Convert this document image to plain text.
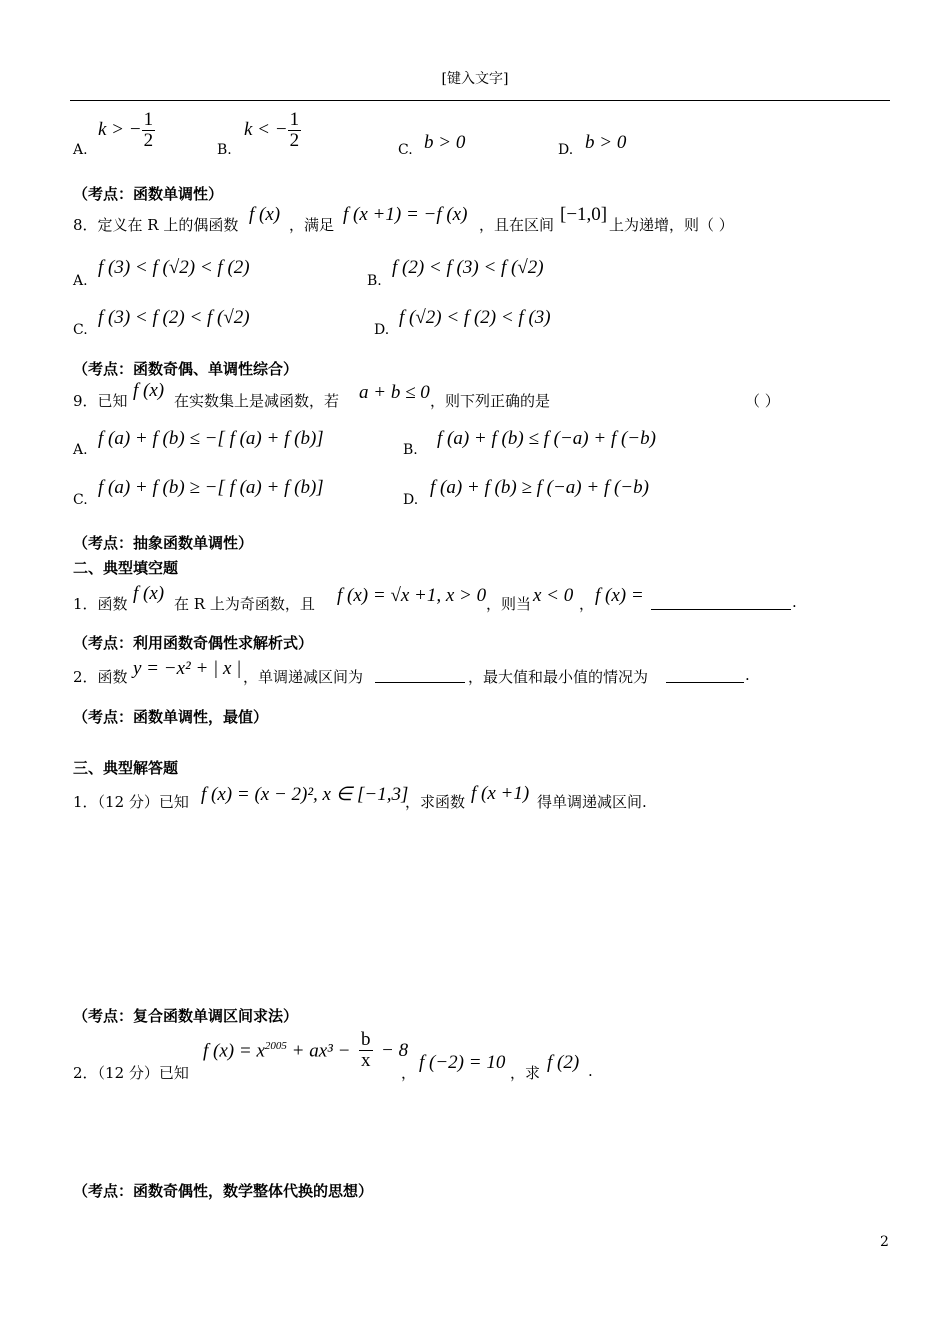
[键入文字]
A.
k > − $\frac{1}{2}$	B.
k < − $\frac{1}{2}$	C. b > 0	D. b > 0
（考点：函数单调性）
8．定义在 R 上的偶函数 f (x) ，满足 f (x +1) = −f (x) ，且在区间 [−1,0] 上为递增，则（ ）
A.
f (3) < f (√2) < f (2)
B.
f (2) < f (3) < f (√2)
C.
f (3) < f (2) < f (√2)
D.
f (√2) < f (2) < f (3)
（考点：函数奇偶、单调性综合）
9．已知 f (x) 在实数集上是减函数，若 a + b ≤ 0 ，则下列正确的是	（ ）
A.
f (a) + f (b) ≤ −[ f (a) + f (b)]
B.
f (a) + f (b) ≤ f (−a) + f (−b)
C.
f (a) + f (b) ≥ −[ f (a) + f (b)]
D.
f (a) + f (b) ≥ f (−a) + f (−b)
（考点：抽象函数单调性）
二、典型填空题
1．函数 f (x) 在 R 上为奇函数，且 f (x) = √x +1, x > 0 ，则当 x < 0 ， f (x) =	.
（考点：利用函数奇偶性求解析式）
2．函数 y = −x² + | x | ，单调递减区间为	，最大值和最小值的情况为	.
（考点：函数单调性，最值）
三、典型解答题
1．（12 分）已知 f (x) = (x − 2)², x ∈ [−1,3]
，求函数 f (x +1) 得单调递减区间.
（考点：复合函数单调区间求法）
2．（12 分）已知
f $(x) = x^{2005} + ax^3 - \frac{b}{x} - 8$
， f (−2) = 10 ，求 f (2) .
（考点：函数奇偶性，数学整体代换的思想）
2
